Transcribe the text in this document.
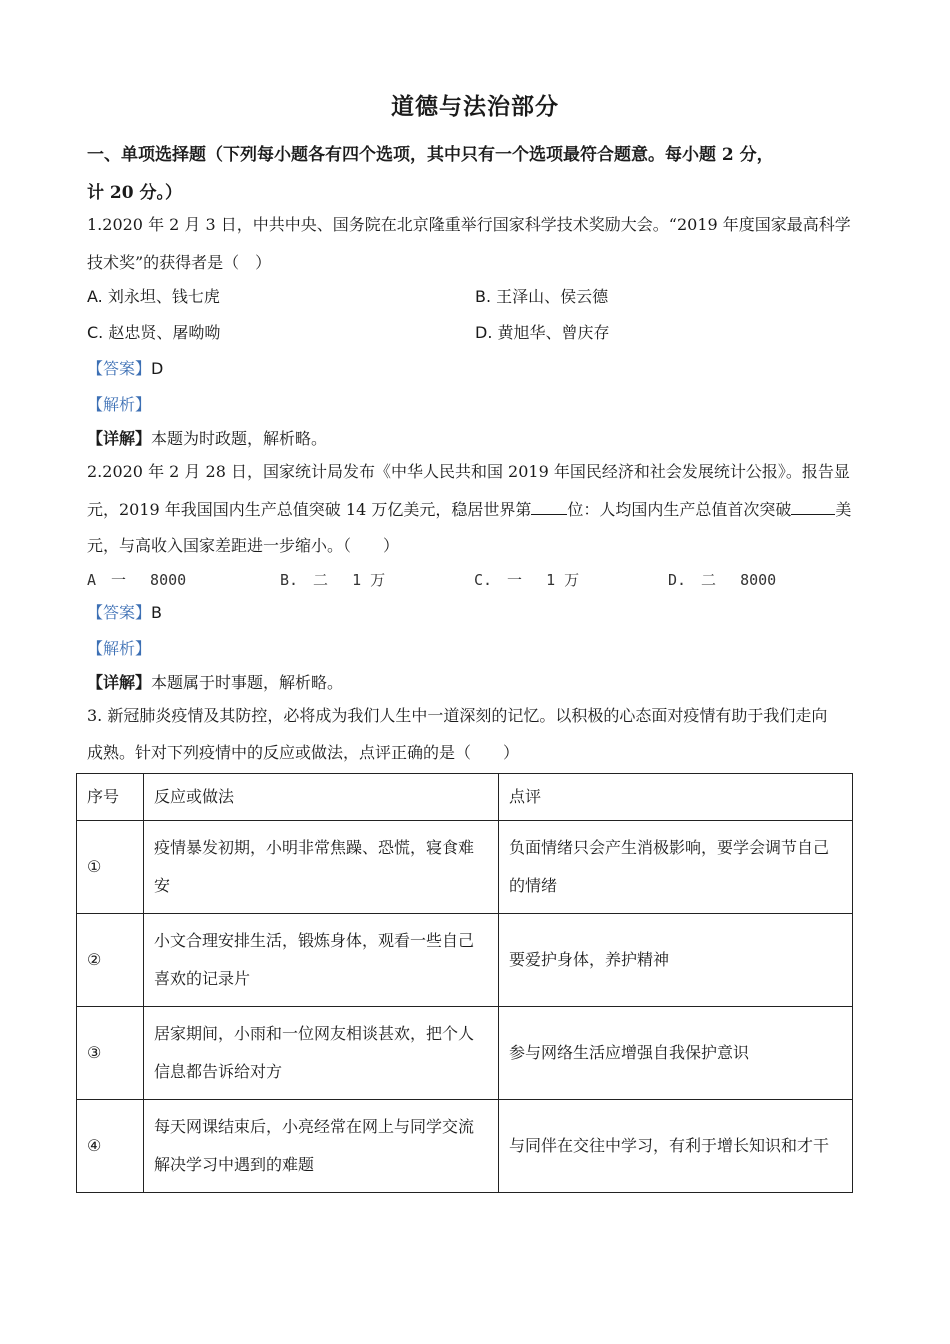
道德与法治部分
一、单项选择题（下列每小题各有四个选项，其中只有一个选项最符合题意。每小题 2 分，
计 20 分。）
1.2020 年 2 月 3 日，中共中央、国务院在北京隆重举行国家科学技术奖励大会。“2019 年度国家最高科学
技术奖”的获得者是（　）
A. 刘永坦、钱七虎	B. 王泽山、侯云德
C. 赵忠贤、屠呦呦	D. 黄旭华、曾庆存
【答案】D
【解析】
【详解】本题为时政题，解析略。
2.2020 年 2 月 28 日，国家统计局发布《中华人民共和国 2019 年国民经济和社会发展统计公报》。报告显
元，2019 年我国国内生产总值突破 14 万亿美元，稳居世界第 位：人均国内生产总值首次突破	美
元，与高收入国家差距进一步缩小。（　　）
A　一　 8000	B.　二　 1 万	C.　一　 1 万	D.　二　 8000
【答案】B
【解析】
【详解】本题属于时事题，解析略。
3. 新冠肺炎疫情及其防控，必将成为我们人生中一道深刻的记忆。以积极的心态面对疫情有助于我们走向
成熟。针对下列疫情中的反应或做法，点评正确的是（　　）
序号	反应或做法	点评
①	疫情暴发初期，小明非常焦躁、恐慌，寝食难安	负面情绪只会产生消极影响，要学会调节自己的情绪
②	小文合理安排生活，锻炼身体，观看一些自己喜欢的记录片	要爱护身体，养护精神
③	居家期间，小雨和一位网友相谈甚欢，把个人信息都告诉给对方	参与网络生活应增强自我保护意识
④	每天网课结束后，小亮经常在网上与同学交流解决学习中遇到的难题	与同伴在交往中学习，有利于增长知识和才干
